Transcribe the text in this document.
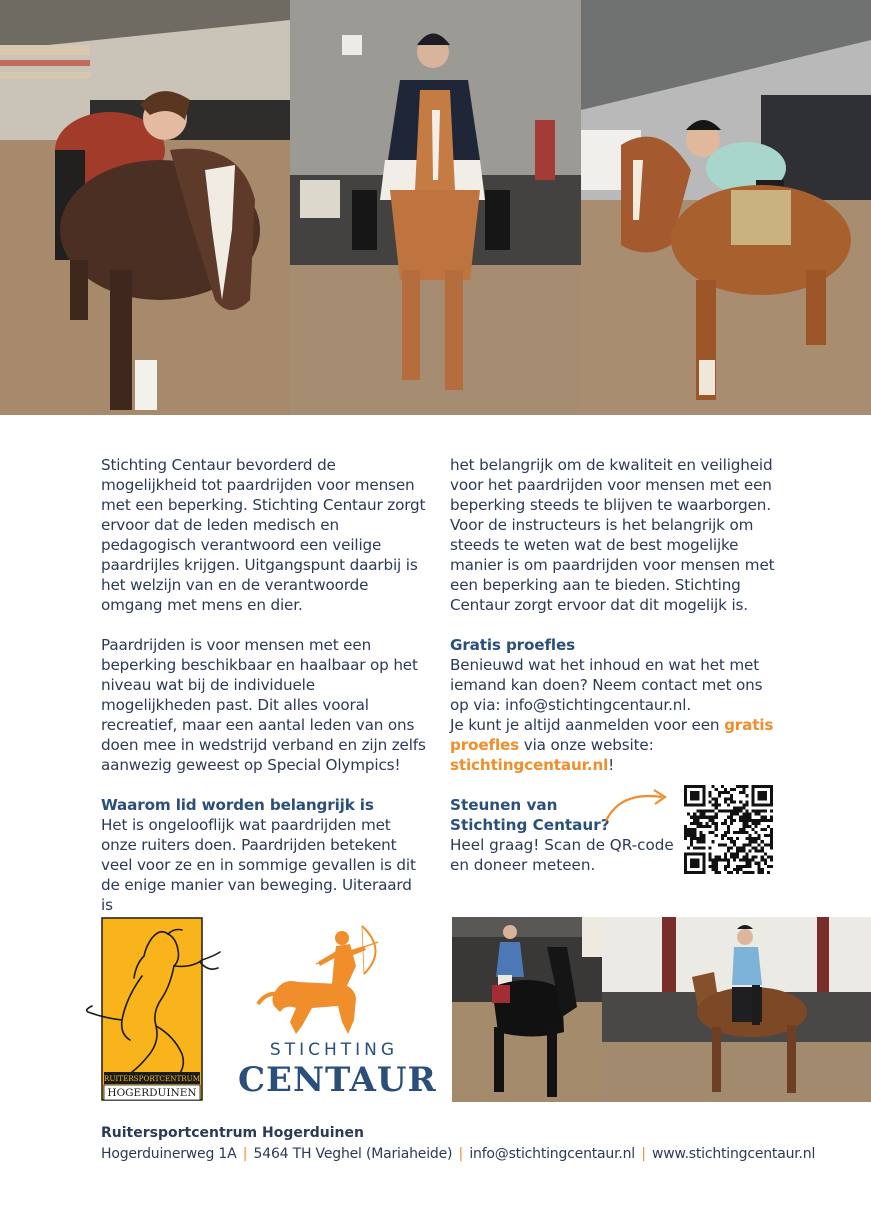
Stichting Centaur bevorderd de mogelijkheid tot paardrijden voor mensen met een beperking. Stichting Centaur zorgt ervoor dat de leden medisch en pedagogisch verantwoord een veilige paardrijles krijgen. Uitgangspunt daarbij is het welzijn van en de verantwoorde omgang met mens en dier.

Paardrijden is voor mensen met een beperking beschikbaar en haalbaar op het niveau wat bij de individuele mogelijkheden past. Dit alles vooral recreatief, maar een aantal leden van ons doen mee in wedstrijd verband en zijn zelfs aanwezig geweest op Special Olympics!

Waarom lid worden belangrijk is

Het is ongelooflijk wat paardrijden met onze ruiters doen. Paardrijden betekent veel voor ze en in sommige gevallen is dit de enige manier van beweging. Uiteraard is

het belangrijk om de kwaliteit en veiligheid voor het paardrijden voor mensen met een beperking steeds te blijven te waarborgen. Voor de instructeurs is het belangrijk om steeds te weten wat de best mogelijke manier is om paardrijden voor mensen met een beperking aan te bieden. Stichting Centaur zorgt ervoor dat dit mogelijk is.

Gratis proefles

Benieuwd wat het inhoud en wat het met iemand kan doen? Neem contact met ons op via: info@stichtingcentaur.nl.

Je kunt je altijd aanmelden voor een gratis proefles via onze website: stichtingcentaur.nl!

Steunen van Stichting Centaur?
Heel graag! Scan de QR-code en doneer meteen.
RUITERSPORTCENTRUM
HOGERDUINEN
STICHTING
CENTAUR
Ruitersportcentrum Hogerduinen
Hogerduinerweg 1A | 5464 TH Veghel (Mariaheide) | info@stichtingcentaur.nl | www.stichtingcentaur.nl
